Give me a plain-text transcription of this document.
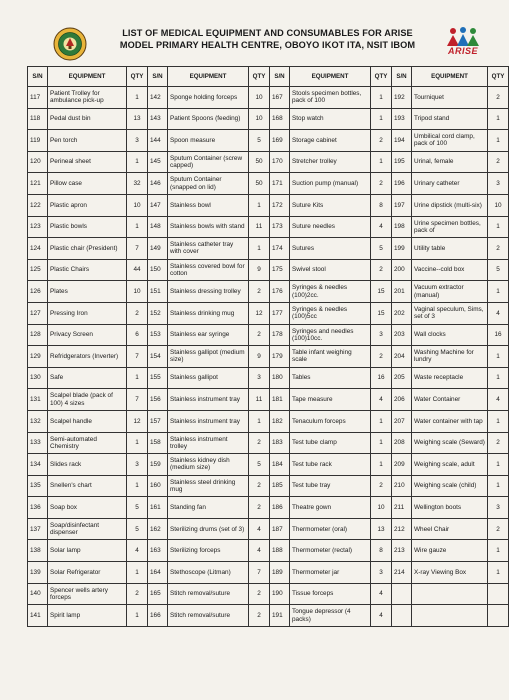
LIST OF MEDICAL EQUIPMENT AND CONSUMABLES FOR ARISE
MODEL PRIMARY HEALTH CENTRE, OBOYO IKOT ITA, NSIT IBOM
ARISE
S/N	EQUIPMENT	QTY	S/N	EQUIPMENT	QTY	S/N	EQUIPMENT	QTY	S/N	EQUIPMENT	QTY
117	Patient Trolley for ambulance pick-up	1	142	Sponge holding forceps	10	167	Stools specimen bottles, pack of 100	1	192	Tourniquet	2
118	Pedal dust bin	13	143	Patient Spoons (feeding)	10	168	Stop watch	1	193	Tripod stand	1
119	Pen torch	3	144	Spoon measure	5	169	Storage cabinet	2	194	Umbilical cord clamp, pack of 100	1
120	Perineal sheet	1	145	Sputum Container (screw capped)	50	170	Stretcher trolley	1	195	Urinal, female	2
121	Pillow case	32	146	Sputum Container (snapped on lid)	50	171	Suction pump (manual)	2	196	Urinary catheter	3
122	Plastic apron	10	147	Stainless bowl	1	172	Suture Kits	8	197	Urine dipstick (multi-six)	10
123	Plastic bowls	1	148	Stainless bowls with stand	11	173	Suture needles	4	198	Urine specimen bottles, pack of	1
124	Plastic chair (President)	7	149	Stainless catheter tray with cover	1	174	Sutures	5	199	Utility table	2
125	Plastic Chairs	44	150	Stainless covered bowl for cotton	9	175	Swivel stool	2	200	Vaccine--cold box	5
126	Plates	10	151	Stainless dressing trolley	2	176	Syringes & needles (100)2cc.	15	201	Vacuum extractor (manual)	1
127	Pressing Iron	2	152	Stainless drinking mug	12	177	Syringes & needles (100)5cc	15	202	Vaginal speculum, Sims, set of 3	4
128	Privacy Screen	6	153	Stainless ear syringe	2	178	Syringes and needles (100)10cc.	3	203	Wall clocks	16
129	Refridgerators (Inverter)	7	154	Stainless gallipot (medium size)	9	179	Table infant weighing scale	2	204	Washing Machine for lundry	1
130	Safe	1	155	Stainless gallipot	3	180	Tables	16	205	Waste receptacle	1
131	Scalpel blade (pack of 100) 4 sizes	7	156	Stainless instrument tray	11	181	Tape measure	4	206	Water Container	4
132	Scalpel handle	12	157	Stainless instrument tray	1	182	Tenaculum forceps	1	207	Water container with tap	1
133	Semi-automated Chemistry	1	158	Stainless instrument trolley	2	183	Test tube clamp	1	208	Weighing scale (Seward)	2
134	Slides rack	3	159	Stainless kidney dish (medium size)	5	184	Test tube rack	1	209	Weighing scale, adult	1
135	Snellen's chart	1	160	Stainless steel drinking mug	2	185	Test tube tray	2	210	Weighing scale (child)	1
136	Soap box	5	161	Standing fan	2	186	Theatre gown	10	211	Wellington boots	3
137	Soap/disinfectant dispenser	5	162	Sterilizing drums (set of 3)	4	187	Thermometer (oral)	13	212	Wheel Chair	2
138	Solar lamp	4	163	Sterilizing forceps	4	188	Thermometer (rectal)	8	213	Wire gauze	1
139	Solar Refrigerator	1	164	Stethoscope (Litman)	7	189	Thermometer jar	3	214	X-ray Viewing Box	1
140	Spencer wells artery forceps	2	165	Stitch removal/suture	2	190	Tissue forceps	4			
141	Spirit lamp	1	166	Stitch removal/suture	2	191	Tongue depressor (4 packs)	4			
